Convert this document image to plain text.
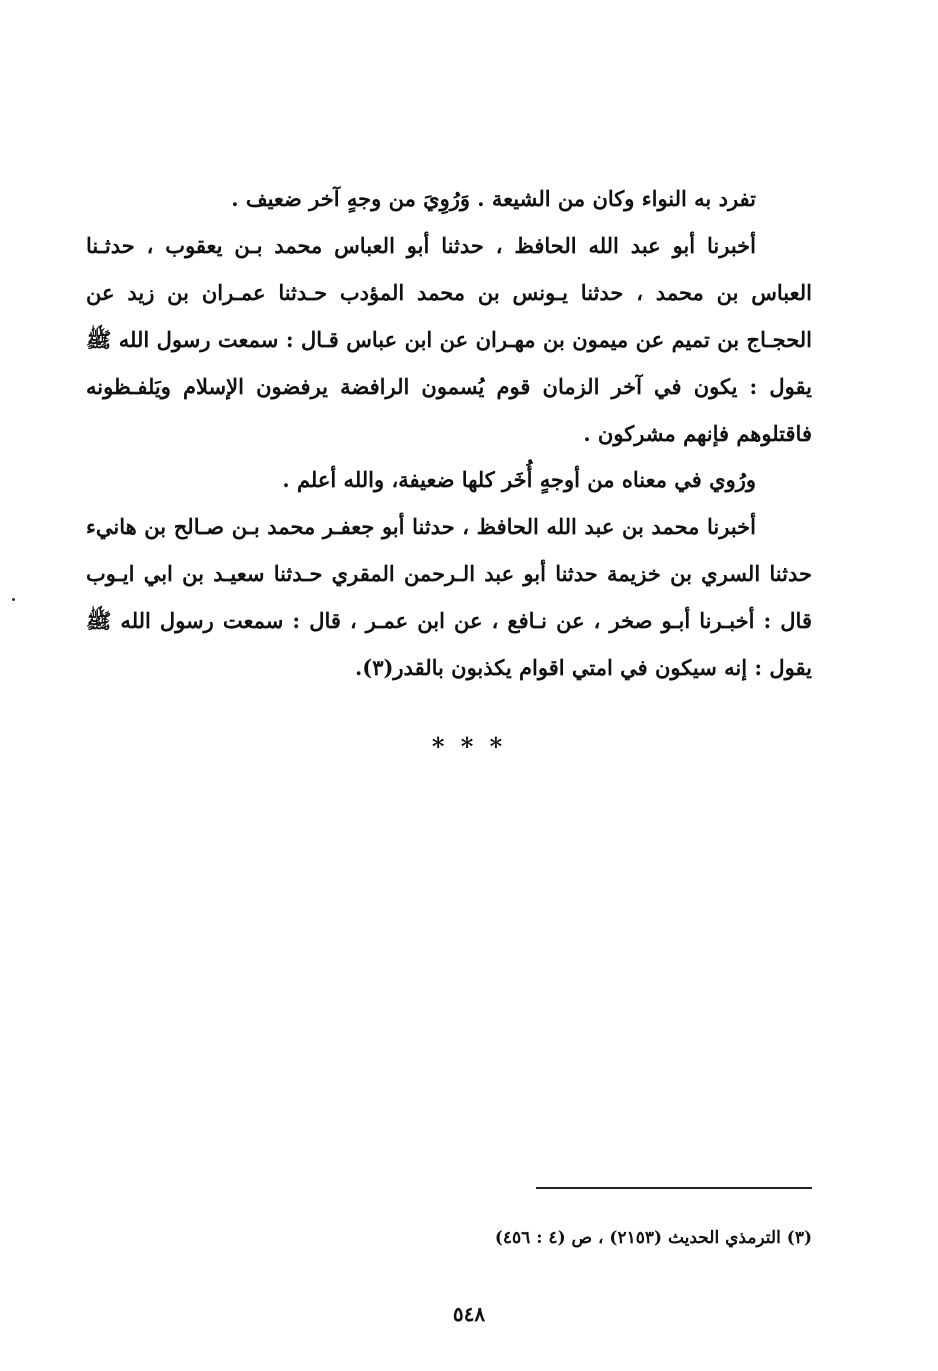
تفرد به النواء وكان من الشيعة . وَرُوِيَ من وجهٍ آخر ضعيف .

أخبرنا أبو عبد الله الحافظ ، حدثنا أبو العباس محمد بـن يعقوب ، حدثـنا العباس بن محمد ، حدثنا يـونس بن محمد المؤدب حـدثنا عمـران بن زيد عن الحجـاج بن تميم عن ميمون بن مهـران عن ابن عباس قـال : سمعت رسول الله ﷺ يقول : يكون في آخر الزمان قوم يُسمون الرافضة يرفضون الإسلام ويَلفـظونه فاقتلوهم فإنهم مشركون .

ورُوي في معناه من أوجهٍ أُخَر كلها ضعيفة، والله أعلم .

أخبرنا محمد بن عبد الله الحافظ ، حدثنا أبو جعفـر محمد بـن صـالح بن هانيء حدثنا السري بن خزيمة حدثنا أبو عبد الـرحمن المقري حـدثنا سعيـد بن ابي ايـوب قال : أخبـرنا أبـو صخر ، عن نـافع ، عن ابن عمـر ، قال : سمعت رسول الله ﷺ يقول : إنه سيكون في امتي اقوام يكذبون بالقدر(٣).

* * *
(٣) الترمذي الحديث (٢١٥٣) ، ص (٤ : ٤٥٦)
٥٤٨
